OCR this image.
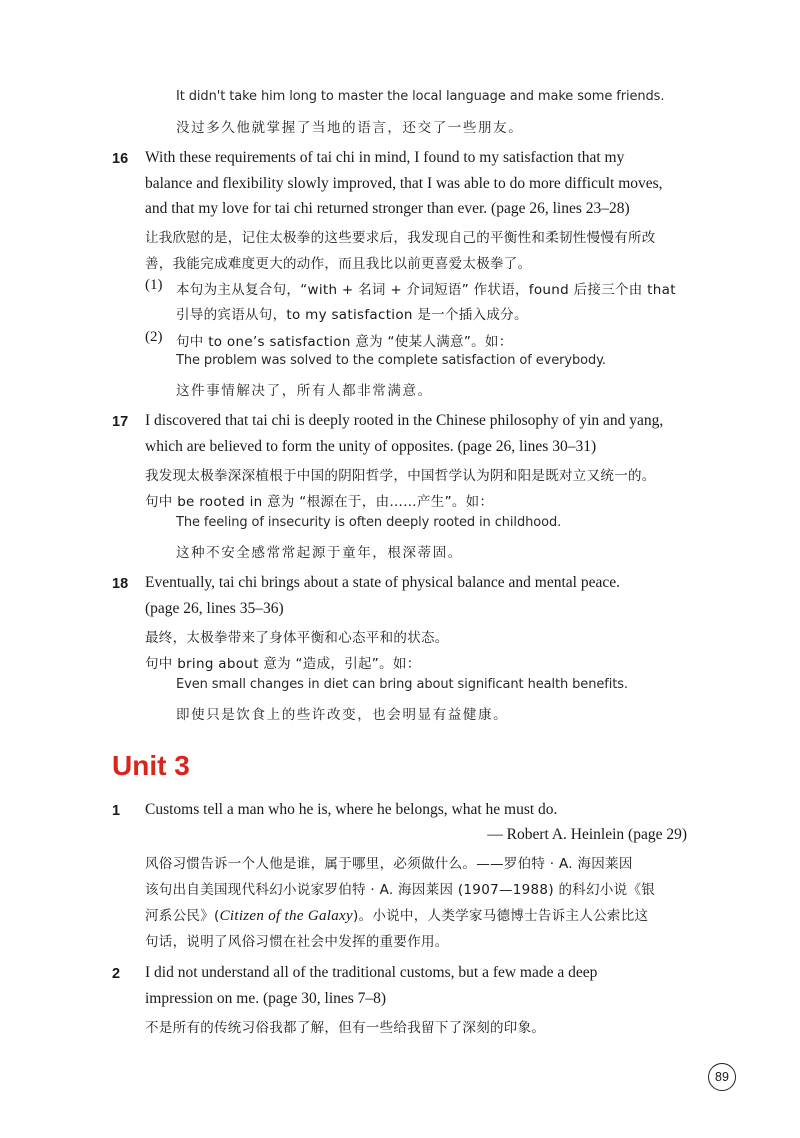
It didn't take him long to master the local language and make some friends.
没过多久他就掌握了当地的语言，还交了一些朋友。
16 With these requirements of tai chi in mind, I found to my satisfaction that my
balance and flexibility slowly improved, that I was able to do more difficult moves,
and that my love for tai chi returned stronger than ever. (page 26, lines 23–28)
让我欣慰的是，记住太极拳的这些要求后，我发现自己的平衡性和柔韧性慢慢有所改
善，我能完成难度更大的动作，而且我比以前更喜爱太极拳了。
(1) 本句为主从复合句，“with + 名词 + 介词短语” 作状语，found 后接三个由 that
引导的宾语从句，to my satisfaction 是一个插入成分。
(2) 句中 to one’s satisfaction 意为 “使某人满意”。如：
The problem was solved to the complete satisfaction of everybody.
这件事情解决了，所有人都非常满意。
17 I discovered that tai chi is deeply rooted in the Chinese philosophy of yin and yang,
which are believed to form the unity of opposites. (page 26, lines 30–31)
我发现太极拳深深植根于中国的阴阳哲学，中国哲学认为阴和阳是既对立又统一的。
句中 be rooted in 意为 “根源在于，由……产生”。如：
The feeling of insecurity is often deeply rooted in childhood.
这种不安全感常常起源于童年，根深蒂固。
18 Eventually, tai chi brings about a state of physical balance and mental peace.
(page 26, lines 35–36)
最终，太极拳带来了身体平衡和心态平和的状态。
句中 bring about 意为 “造成，引起”。如：
Even small changes in diet can bring about significant health benefits.
即使只是饮食上的些许改变，也会明显有益健康。
Unit 3
1 Customs tell a man who he is, where he belongs, what he must do.
— Robert A. Heinlein (page 29)
风俗习惯告诉一个人他是谁，属于哪里，必须做什么。——罗伯特 · A. 海因莱因
该句出自美国现代科幻小说家罗伯特 · A. 海因莱因 (1907—1988) 的科幻小说《银
河系公民》(Citizen of the Galaxy)。小说中，人类学家马德博士告诉主人公索比这
句话，说明了风俗习惯在社会中发挥的重要作用。
2 I did not understand all of the traditional customs, but a few made a deep
impression on me. (page 30, lines 7–8)
不是所有的传统习俗我都了解，但有一些给我留下了深刻的印象。
89
